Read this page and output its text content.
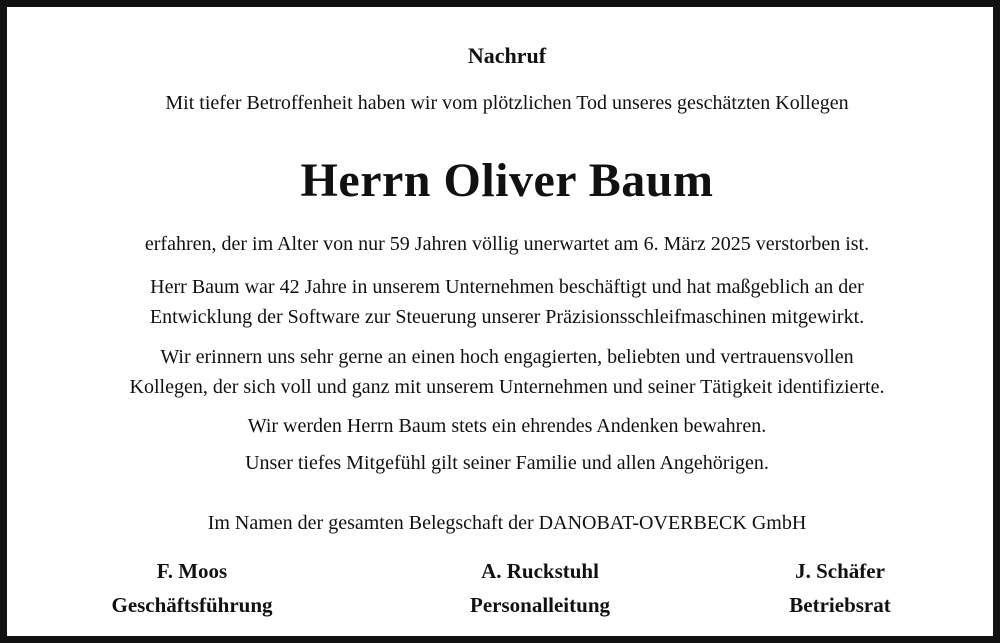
Nachruf
Mit tiefer Betroffenheit haben wir vom plötzlichen Tod unseres geschätzten Kollegen
Herrn Oliver Baum
erfahren, der im Alter von nur 59 Jahren völlig unerwartet am 6. März 2025 verstorben ist.
Herr Baum war 42 Jahre in unserem Unternehmen beschäftigt und hat maßgeblich an der
Entwicklung der Software zur Steuerung unserer Präzisionsschleifmaschinen mitgewirkt.
Wir erinnern uns sehr gerne an einen hoch engagierten, beliebten und vertrauensvollen
Kollegen, der sich voll und ganz mit unserem Unternehmen und seiner Tätigkeit identifizierte.
Wir werden Herrn Baum stets ein ehrendes Andenken bewahren.
Unser tiefes Mitgefühl gilt seiner Familie und allen Angehörigen.
Im Namen der gesamten Belegschaft der DANOBAT-OVERBECK GmbH
F. Moos
Geschäftsführung
A. Ruckstuhl
Personalleitung
J. Schäfer
Betriebsrat
